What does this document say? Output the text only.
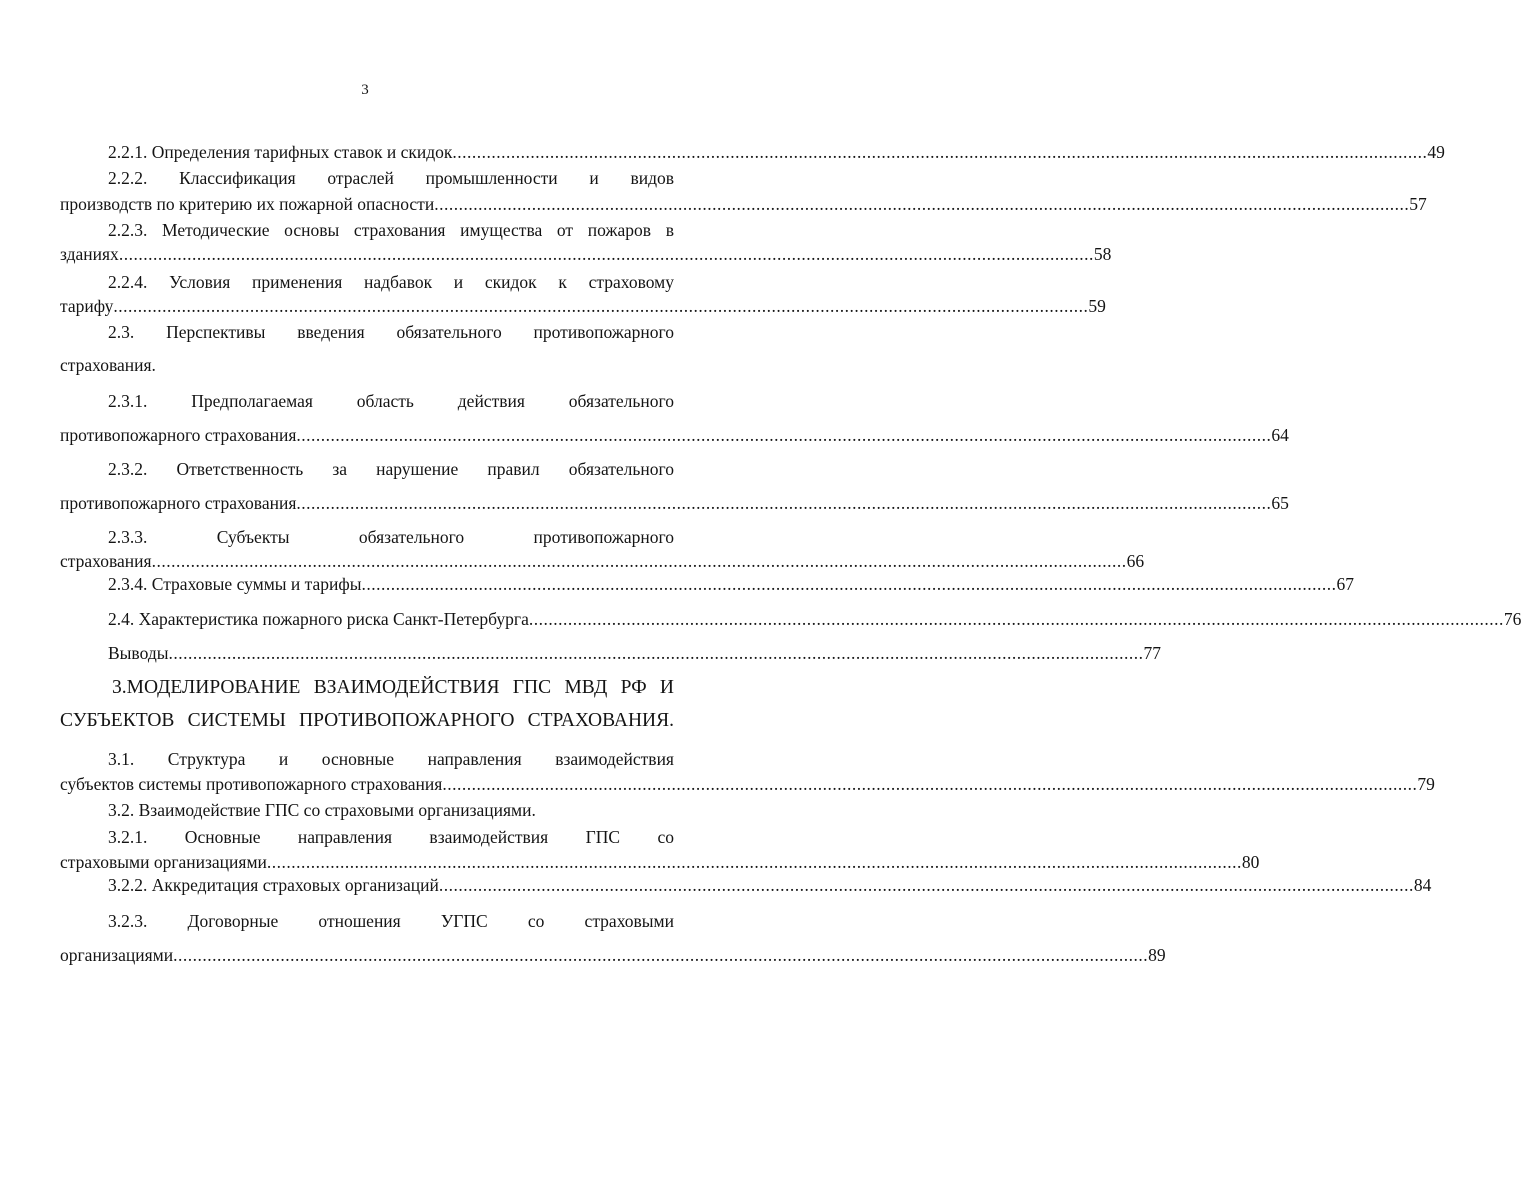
3
2.2.1. Определения тарифных ставок и скидок ........................................................................................................................................................................................................ 49
2.2.2. Классификация отраслей промышленности и видов
производств по критерию их пожарной опасности ........................................................................................................................................................................................................ 57
2.2.3. Методические основы страхования имущества от пожаров в
зданиях ........................................................................................................................................................................................................ 58
2.2.4. Условия применения надбавок и скидок к страховому
тарифу ........................................................................................................................................................................................................ 59
2.3. Перспективы введения обязательного противопожарного
страхования.
2.3.1. Предполагаемая область действия обязательного
противопожарного страхования ........................................................................................................................................................................................................ 64
2.3.2. Ответственность за нарушение правил обязательного
противопожарного страхования ........................................................................................................................................................................................................ 65
2.3.3. Субъекты обязательного противопожарного
страхования ........................................................................................................................................................................................................ 66
2.3.4. Страховые суммы и тарифы ........................................................................................................................................................................................................ 67
2.4. Характеристика пожарного риска Санкт-Петербурга ........................................................................................................................................................................................................ 76
Выводы ........................................................................................................................................................................................................ 77
3.МОДЕЛИРОВАНИЕ ВЗАИМОДЕЙСТВИЯ ГПС МВД РФ И
СУБЪЕКТОВ СИСТЕМЫ ПРОТИВОПОЖАРНОГО СТРАХОВАНИЯ.
3.1. Структура и основные направления взаимодействия
субъектов системы противопожарного страхования ........................................................................................................................................................................................................ 79
3.2. Взаимодействие ГПС со страховыми организациями.
3.2.1. Основные направления взаимодействия ГПС со
страховыми организациями ........................................................................................................................................................................................................ 80
3.2.2. Аккредитация страховых организаций ........................................................................................................................................................................................................ 84
3.2.3. Договорные отношения УГПС со страховыми
организациями ........................................................................................................................................................................................................ 89
